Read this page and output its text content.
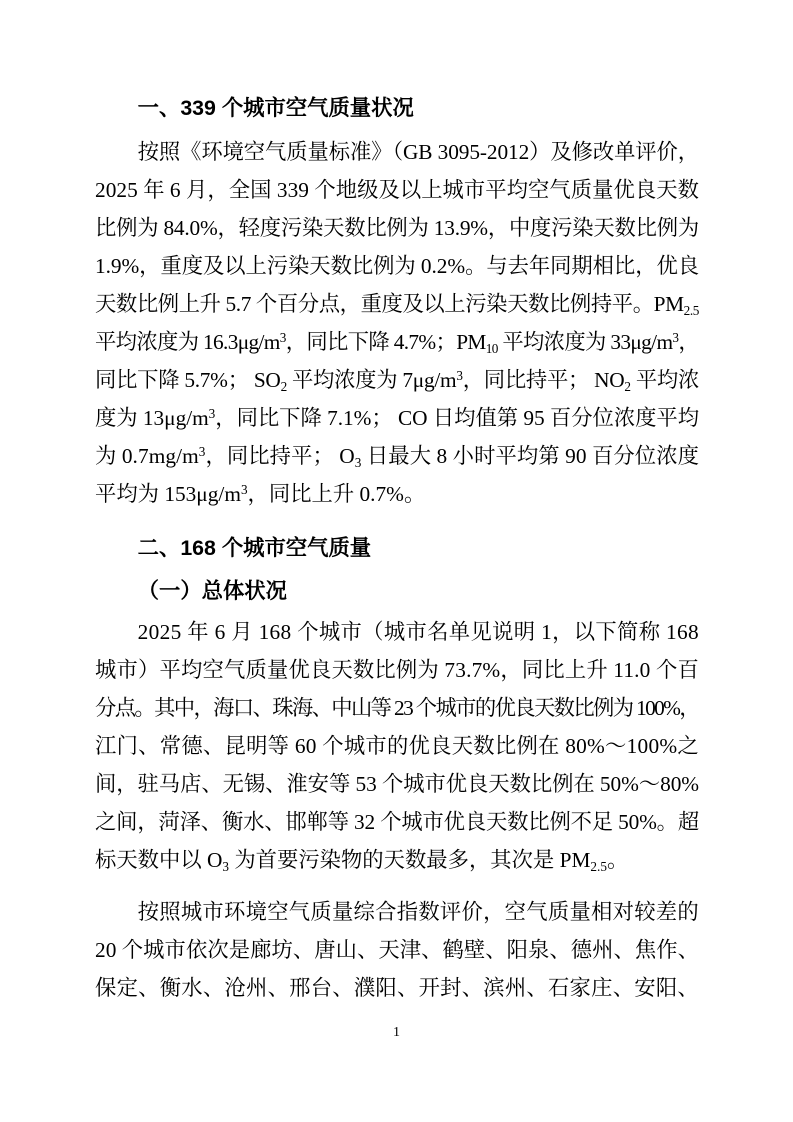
一、339 个城市空气质量状况
按照《环境空气质量标准》（GB 3095-2012）及修改单评价，
2025 年 6 月，全国 339 个地级及以上城市平均空气质量优良天数
比例为 84.0%，轻度污染天数比例为 13.9%，中度污染天数比例为
1.9%，重度及以上污染天数比例为 0.2%。与去年同期相比，优良
天数比例上升 5.7 个百分点，重度及以上污染天数比例持平。PM2.5
平均浓度为 $16.3\mu g/m^3$，同比下降 4.7%；PM10 平均浓度为 $33\mu g/m^3$，
同比下降 5.7%； SO2 平均浓度为 $7\mu g/m^3$，同比持平； NO2 平均浓
度为 $13\mu g/m^3$，同比下降 7.1%； CO 日均值第 95 百分位浓度平均
为 $0.7mg/m^3$，同比持平； O3 日最大 8 小时平均第 90 百分位浓度
平均为 $153\mu g/m^3$，同比上升 0.7%。
二、168 个城市空气质量
（一）总体状况
2025 年 6 月 168 个城市（城市名单见说明 1，以下简称 168
城市）平均空气质量优良天数比例为 73.7%，同比上升 11.0 个百
分点。其中，海口、珠海、中山等 23 个城市的优良天数比例为 100%，
江门、常德、昆明等 60 个城市的优良天数比例在 80%～100%之
间，驻马店、无锡、淮安等 53 个城市优良天数比例在 50%～80%
之间，菏泽、衡水、邯郸等 32 个城市优良天数比例不足 50%。超
标天数中以 O3 为首要污染物的天数最多，其次是 PM2.5。
按照城市环境空气质量综合指数评价，空气质量相对较差的
20 个城市依次是廊坊、唐山、天津、鹤壁、阳泉、德州、焦作、
保定、衡水、沧州、邢台、濮阳、开封、滨州、石家庄、安阳、
1
